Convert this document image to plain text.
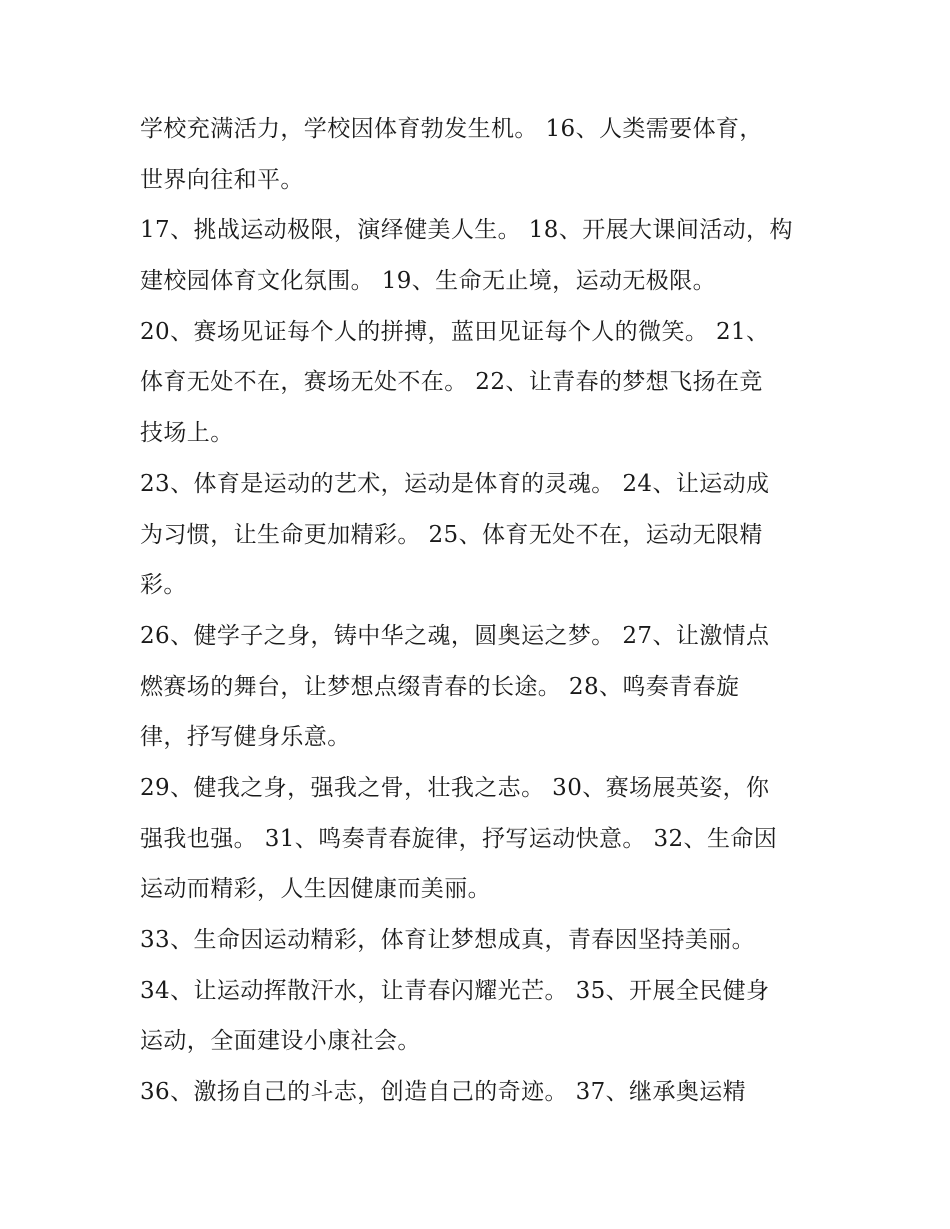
学校充满活力，学校因体育勃发生机。 16、人类需要体育，
世界向往和平。
17、挑战运动极限，演绎健美人生。 18、开展大课间活动，构
建校园体育文化氛围。 19、生命无止境，运动无极限。
20、赛场见证每个人的拼搏，蓝田见证每个人的微笑。 21、
体育无处不在，赛场无处不在。 22、让青春的梦想飞扬在竞
技场上。
23、体育是运动的艺术，运动是体育的灵魂。 24、让运动成
为习惯，让生命更加精彩。 25、体育无处不在，运动无限精
彩。
26、健学子之身，铸中华之魂，圆奥运之梦。 27、让激情点
燃赛场的舞台，让梦想点缀青春的长途。 28、鸣奏青春旋
律，抒写健身乐意。
29、健我之身，强我之骨，壮我之志。 30、赛场展英姿，你
强我也强。 31、鸣奏青春旋律，抒写运动快意。 32、生命因
运动而精彩，人生因健康而美丽。
33、生命因运动精彩，体育让梦想成真，青春因坚持美丽。
34、让运动挥散汗水，让青春闪耀光芒。 35、开展全民健身
运动，全面建设小康社会。
36、激扬自己的斗志，创造自己的奇迹。 37、继承奥运精
